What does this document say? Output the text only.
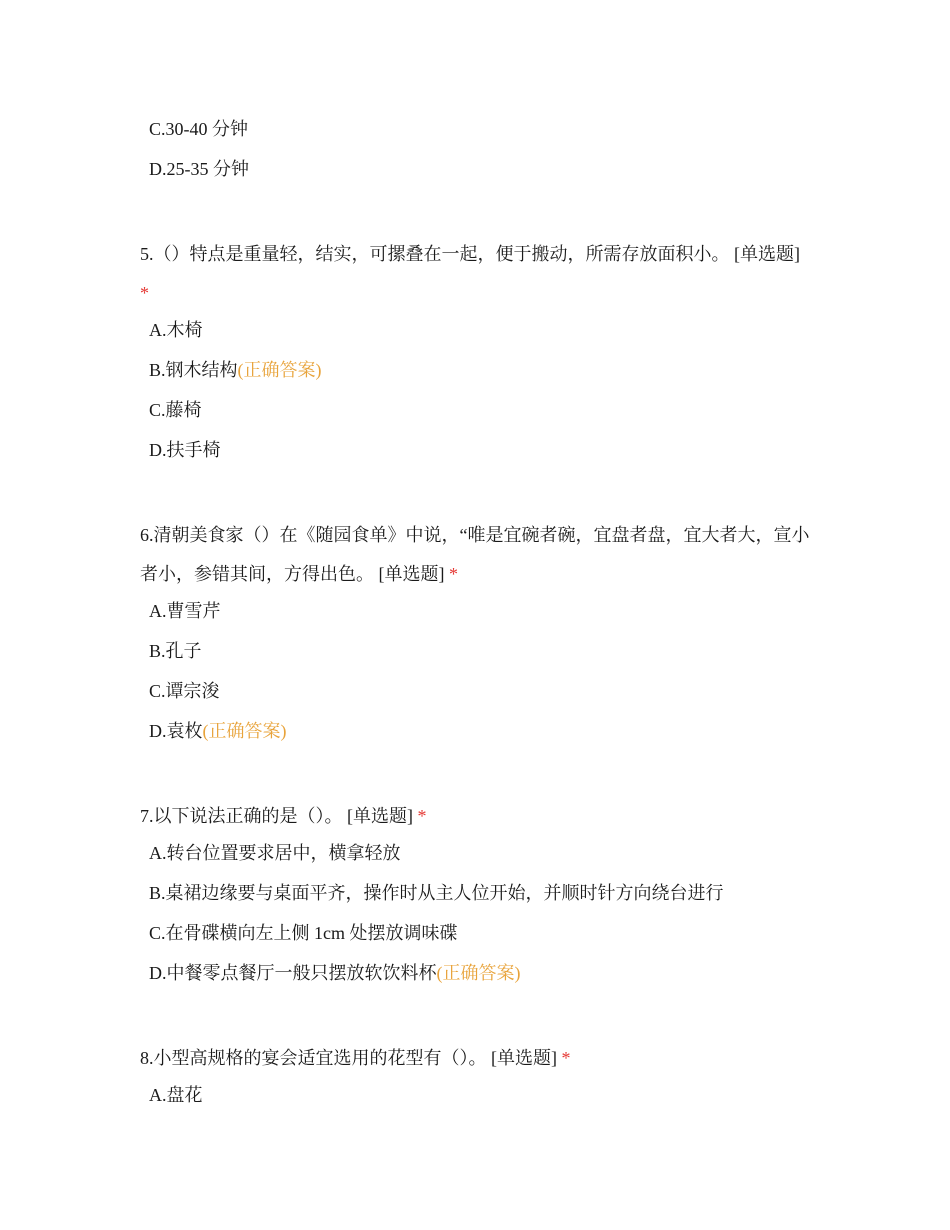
C.30-40 分钟
D.25-35 分钟
5.（）特点是重量轻，结实，可摞叠在一起，便于搬动，所需存放面积小。 [单选题] *
A.木椅
B.钢木结构(正确答案)
C.藤椅
D.扶手椅
6.清朝美食家（）在《随园食单》中说，“唯是宜碗者碗，宜盘者盘，宜大者大，宣小者小，参错其间，方得出色。 [单选题] *
A.曹雪芹
B.孔子
C.谭宗浚
D.袁枚(正确答案)
7.以下说法正确的是（）。 [单选题] *
A.转台位置要求居中，横拿轻放
B.桌裙边缘要与桌面平齐，操作时从主人位开始，并顺时针方向绕台进行
C.在骨碟横向左上侧 1cm 处摆放调味碟
D.中餐零点餐厅一般只摆放软饮料杯(正确答案)
8.小型高规格的宴会适宜选用的花型有（）。 [单选题] *
A.盘花
